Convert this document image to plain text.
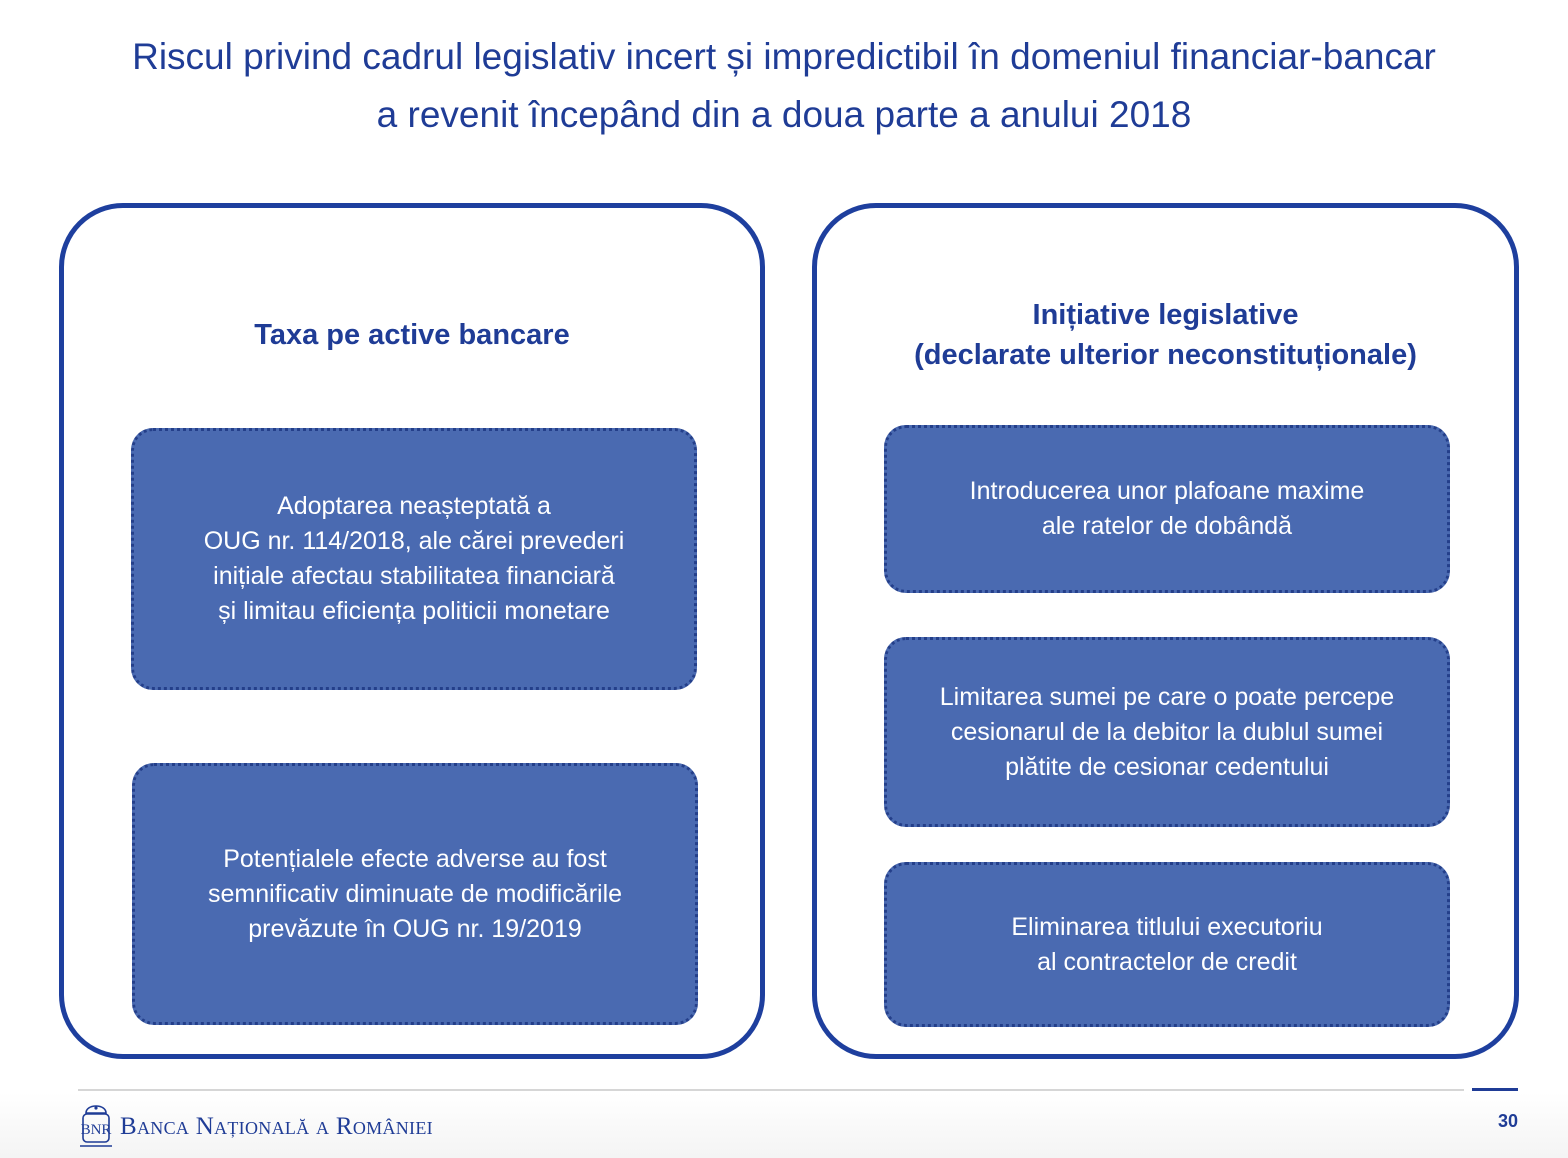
Riscul privind cadrul legislativ incert și impredictibil în domeniul financiar-bancar
a revenit începând din a doua parte a anului 2018
Taxa pe active bancare
Adoptarea neașteptată a
OUG nr. 114/2018, ale cărei prevederi
inițiale afectau stabilitatea financiară
și limitau eficiența politicii monetare
Potențialele efecte adverse au fost
semnificativ diminuate de modificările
prevăzute în OUG nr. 19/2019
Inițiative legislative
(declarate ulterior neconstituționale)
Introducerea unor plafoane maxime
ale ratelor de dobândă
Limitarea sumei pe care o poate percepe
cesionarul de la debitor la dublul sumei
plătite de cesionar cedentului
Eliminarea titlului executoriu
al contractelor de credit
BNR Banca Națională a României	30
